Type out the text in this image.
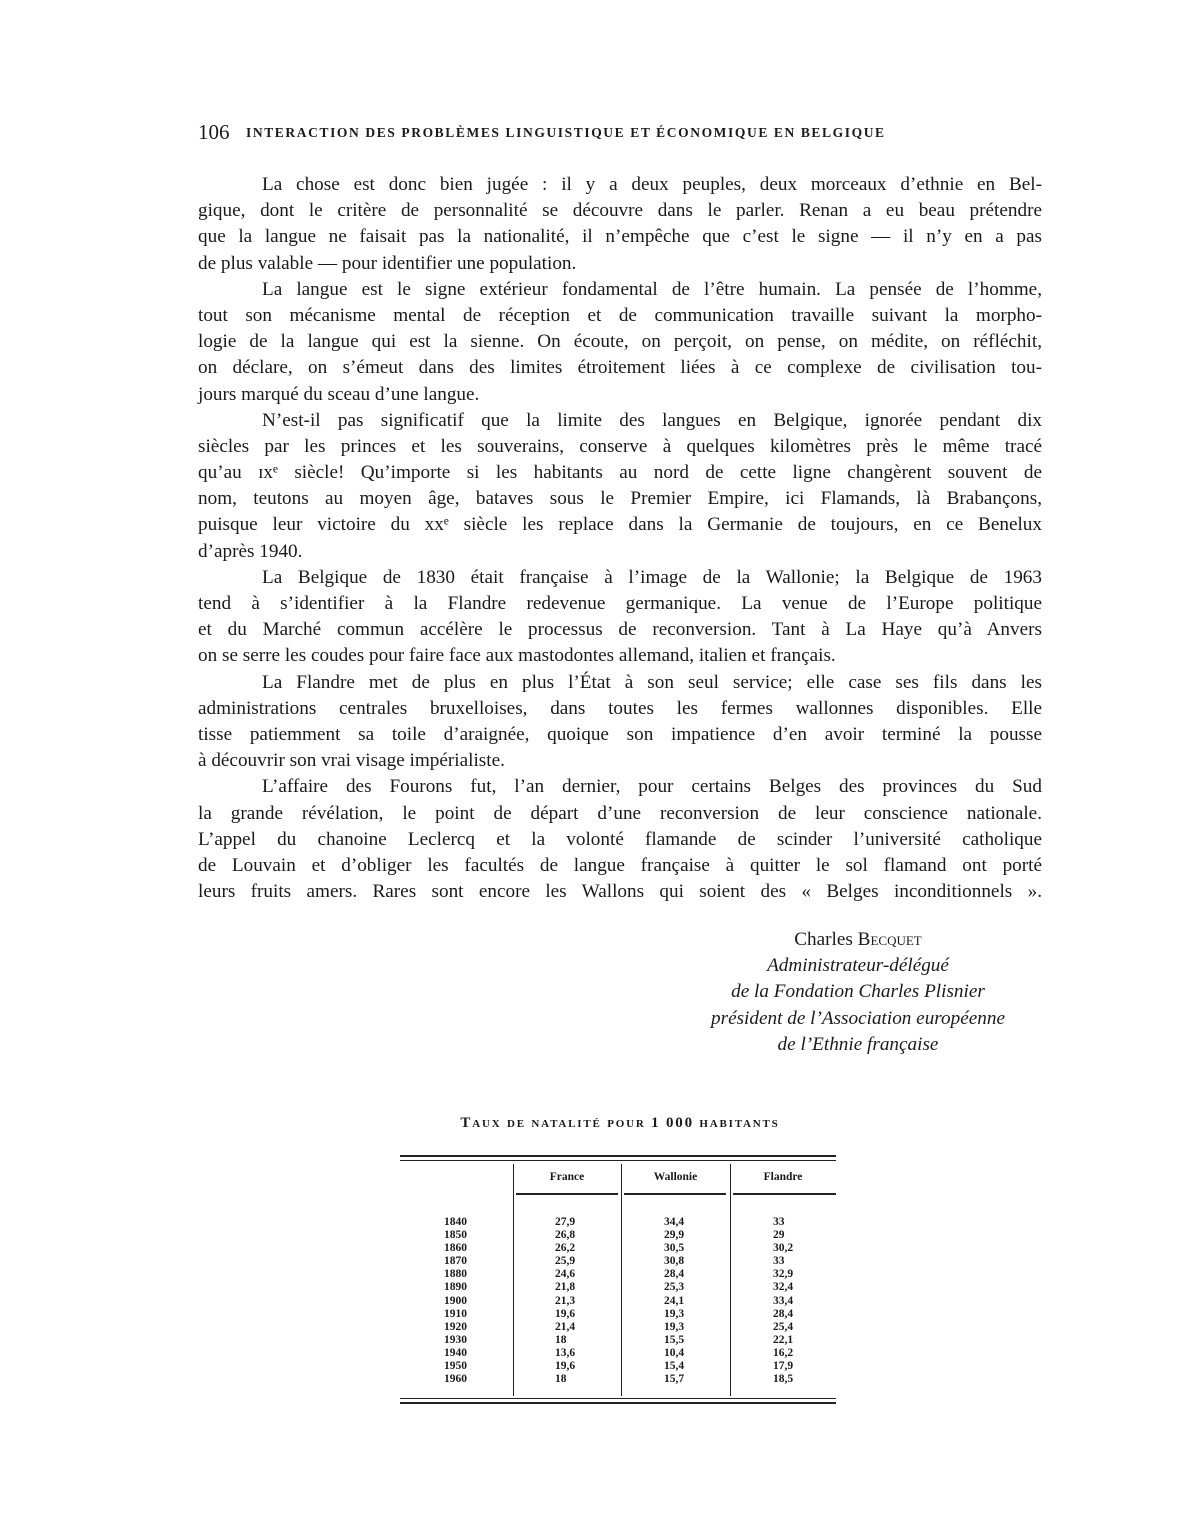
106 INTERACTION DES PROBLÈMES LINGUISTIQUE ET ÉCONOMIQUE EN BELGIQUE
La chose est donc bien jugée : il y a deux peuples, deux morceaux d’ethnie en Bel-
gique, dont le critère de personnalité se découvre dans le parler. Renan a eu beau prétendre
que la langue ne faisait pas la nationalité, il n’empêche que c’est le signe — il n’y en a pas
de plus valable — pour identifier une population.
La langue est le signe extérieur fondamental de l’être humain. La pensée de l’homme,
tout son mécanisme mental de réception et de communication travaille suivant la morpho-
logie de la langue qui est la sienne. On écoute, on perçoit, on pense, on médite, on réfléchit,
on déclare, on s’émeut dans des limites étroitement liées à ce complexe de civilisation tou-
jours marqué du sceau d’une langue.
N’est-il pas significatif que la limite des langues en Belgique, ignorée pendant dix
siècles par les princes et les souverains, conserve à quelques kilomètres près le même tracé
qu’au ɪxᵉ siècle! Qu’importe si les habitants au nord de cette ligne changèrent souvent de
nom, teutons au moyen âge, bataves sous le Premier Empire, ici Flamands, là Brabançons,
puisque leur victoire du xxᵉ siècle les replace dans la Germanie de toujours, en ce Benelux
d’après 1940.
La Belgique de 1830 était française à l’image de la Wallonie; la Belgique de 1963
tend à s’identifier à la Flandre redevenue germanique. La venue de l’Europe politique
et du Marché commun accélère le processus de reconversion. Tant à La Haye qu’à Anvers
on se serre les coudes pour faire face aux mastodontes allemand, italien et français.
La Flandre met de plus en plus l’État à son seul service; elle case ses fils dans les
administrations centrales bruxelloises, dans toutes les fermes wallonnes disponibles. Elle
tisse patiemment sa toile d’araignée, quoique son impatience d’en avoir terminé la pousse
à découvrir son vrai visage impérialiste.
L’affaire des Fourons fut, l’an dernier, pour certains Belges des provinces du Sud
la grande révélation, le point de départ d’une reconversion de leur conscience nationale.
L’appel du chanoine Leclercq et la volonté flamande de scinder l’université catholique
de Louvain et d’obliger les facultés de langue française à quitter le sol flamand ont porté
leurs fruits amers. Rares sont encore les Wallons qui soient des « Belges inconditionnels ».
Charles Becquet
Administrateur-délégué
de la Fondation Charles Plisnier
président de l’Association européenne
de l’Ethnie française
Taux de natalité pour 1 000 habitants
France	Wallonie	Flandre
1840
1850
1860
1870
1880
1890
1900
1910
1920
1930
1940
1950
1960
27,9
26,8
26,2
25,9
24,6
21,8
21,3
19,6
21,4
18
13,6
19,6
18
34,4
29,9
30,5
30,8
28,4
25,3
24,1
19,3
19,3
15,5
10,4
15,4
15,7
33
29
30,2
33
32,9
32,4
33,4
28,4
25,4
22,1
16,2
17,9
18,5
